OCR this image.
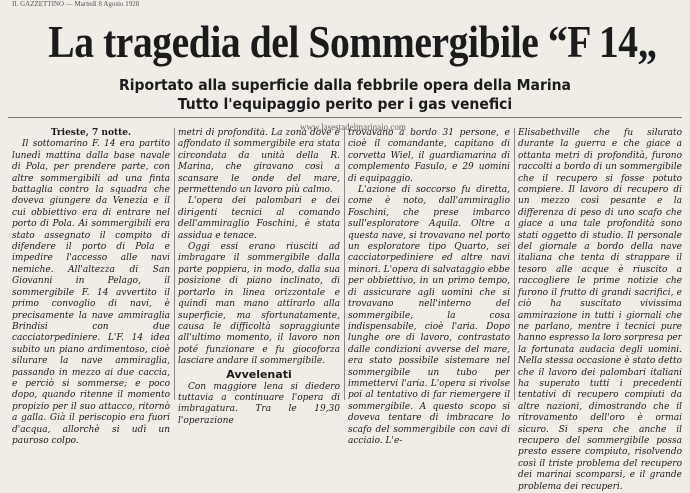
IL GAZZETTINO — Martedì 8 Agosto 1928
La tragedia del Sommergibile “F 14„
Riportato alla superficie dalla febbrile opera della Marina
Tutto l'equipaggio perito per i gas venefici
www.lasestadelmarinaio.com

Trieste, 7 notte.

Il sottomarino F. 14 era partito lunedì mattina dalla base navale di Pola, per prendere parte, con altre sommergibili ad una finta battaglia contro la squadra che doveva giungere da Venezia e il cui obbiettivo era di entrare nel porto di Pola. Ai sommergibili era stato assegnato il compito di difendere il porto di Pola e impedire l'accesso alle navi nemiche. All'altezza di San Giovanni in Pelago, il sommergibile F. 14 avvertito il primo convoglio di navi, è precisamente la nave ammiraglia Brindisi con due cacciatorpediniere. L'F. 14 idea subito un piano ardimentoso, cioè silurare la nave ammiraglia, passando in mezzo ai due caccia, e perciò si sommerse; e poco dopo, quando ritenne il momento propizio per il suo attacco, ritornò a galla. Già il periscopio era fuori d'acqua, allorchè si udì un pauroso colpo.

metri di profondità. La zona dove è affondato il sommergibile era stata circondata da unità della R. Marina, che giravano così a scansare le onde del mare, permettendo un lavoro più calmo.

L'opera dei palombari e dei dirigenti tecnici al comando dell'ammiraglio Foschini, è stata assidua e tenace.

Oggi essi erano riusciti ad imbragare il sommergibile dalla parte poppiera, in modo, dalla sua posizione di piano inclinato, di portarlo in linea orizzontale e quindi man mano attirarlo alla superficie, ma sfortunatamente, causa le difficoltà sopraggiunte all'ultimo momento, il lavoro non poté funzionare e fu giocoforza lasciare andare il sommergibile.

Avvelenati

Con maggiore lena si diedero tuttavia a continuare l'opera di imbragatura. Tra le 19,30 l'operazione

trovavano a bordo 31 persone, e cioè il comandante, capitano di corvetta Wiel, il guardiamarina di complemento Fasulo, e 29 uomini di equipaggio.

L'azione di soccorso fu diretta, come è noto, dall'ammiraglio Foschini, che prese imbarco sull'esploratore Aquila. Oltre a questa nave, si trovavano nel porto un esploratore tipo Quarto, sei cacciatorpediniere ed altre navi minori. L'opera di salvataggio ebbe per obbiettivo, in un primo tempo, di assicurare agli uomini che si trovavano nell'interno del sommergibile, la cosa indispensabile, cioè l'aria. Dopo lunghe ore di lavoro, contrastato dalle condizioni avverse del mare, era stato possibile sistemare nel sommergibile un tubo per immettervi l'aria. L'opera si rivolse poi al tentativo di far riemergere il sommergibile. A questo scopo si doveva tentare di imbracare lo scafo del sommergibile con cavi di acciaio. L'e-

Elisabethville che fu silurato durante la guerra e che giace a ottanta metri di profondità, furono raccolti a bordo di un sommergibile che il recupero si fosse potuto compiere. Il lavoro di recupero di un mezzo così pesante e la differenza di peso di uno scafo che giace a una tale profondità sono stati oggetto di studio. Il personale del giornale a bordo della nave italiana che tenta di strappare il tesoro alle acque è riuscito a raccogliere le prime notizie che furono il frutto di grandi sacrifici, e ciò ha suscitato vivissima ammirazione in tutti i giornali che ne parlano, mentre i tecnici pure hanno espresso la loro sorpresa per la fortunata audacia degli uomini. Nella stessa occasione è stato detto che il lavoro dei palombari italiani ha superato tutti i precedenti tentativi di recupero compiuti da altre nazioni, dimostrando che il ritrovamento dell'oro è ormai sicuro. Si spera che anche il recupero del sommergibile possa presto essere compiuto, risolvendo così il triste problema del recupero dei marinai scomparsi, e il grande problema dei recuperi.
